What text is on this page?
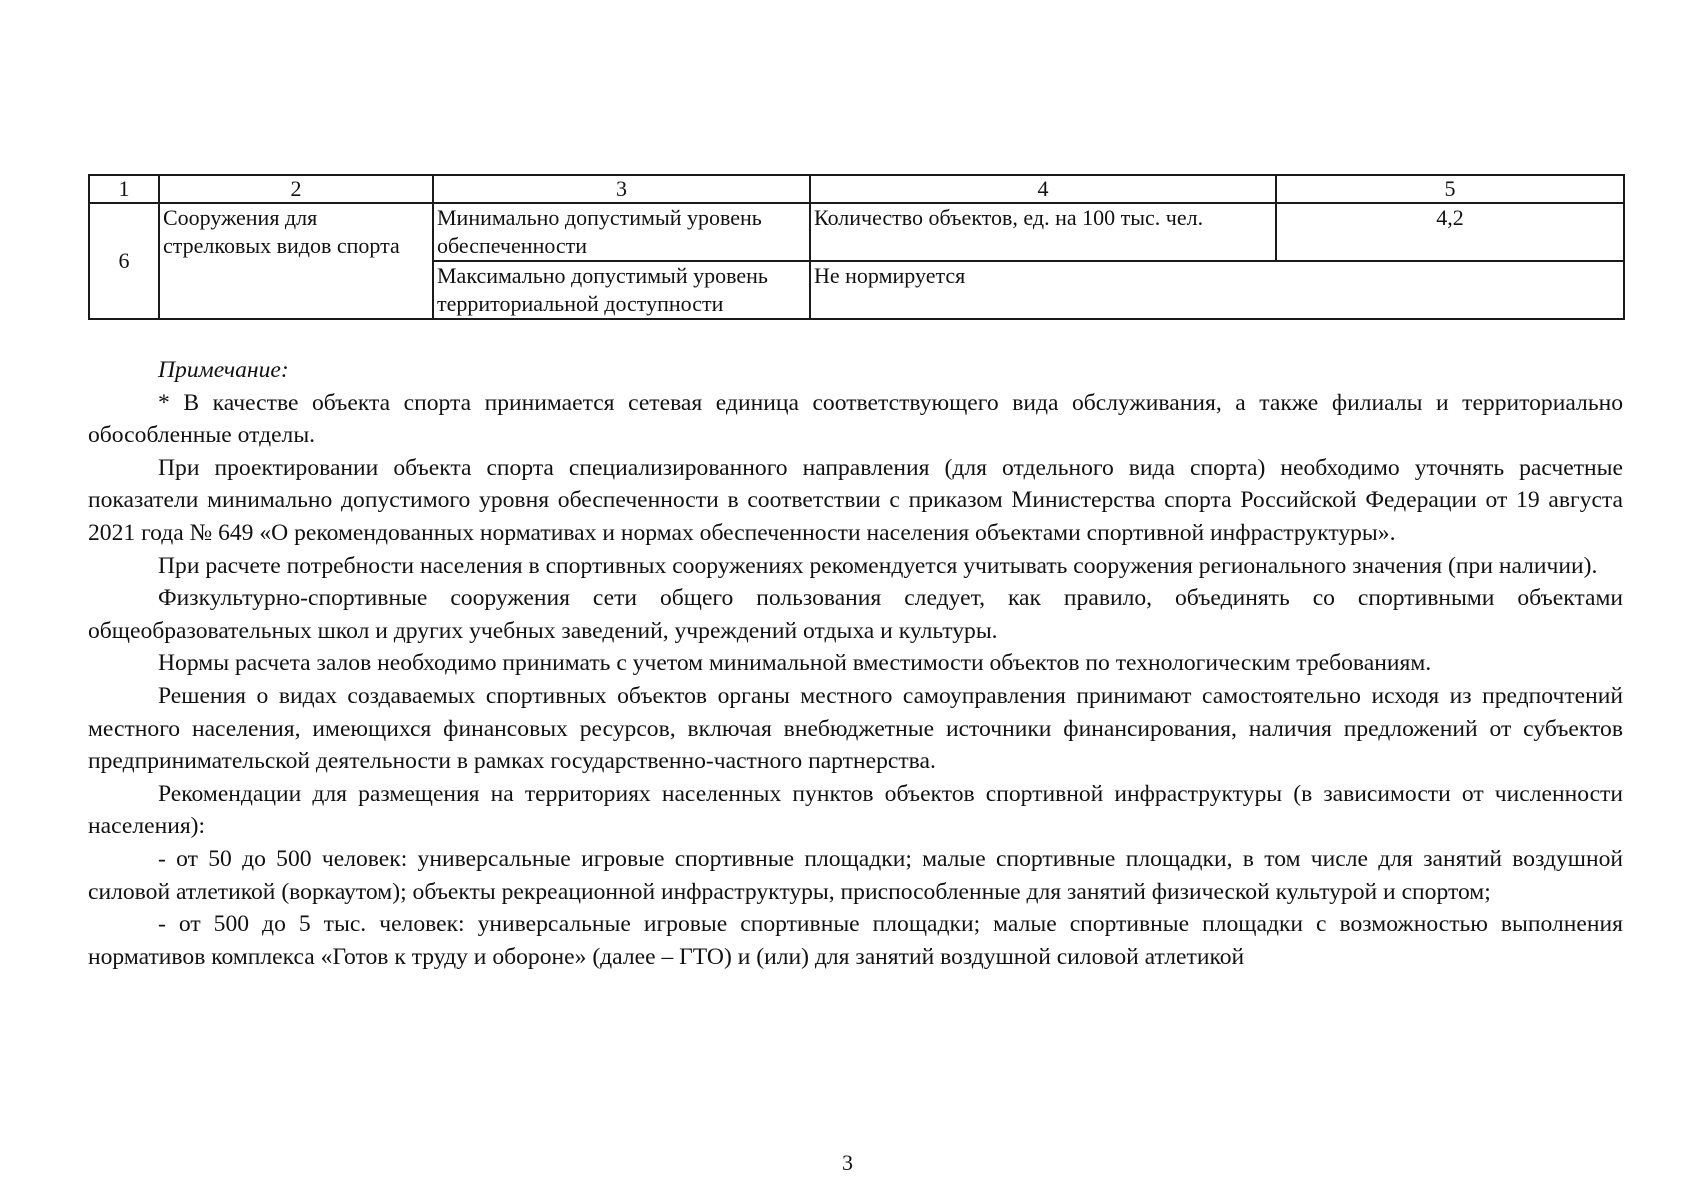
1	2	3	4	5
6	Сооружения для стрелковых видов спорта	Минимально допустимый уровень обеспеченности	Количество объектов, ед. на 100 тыс. чел.	4,2
		Максимально допустимый уровень территориальной доступности	Не нормируется	

Примечание:

* В качестве объекта спорта принимается сетевая единица соответствующего вида обслуживания, а также филиалы и территориально обособленные отделы.

При проектировании объекта спорта специализированного направления (для отдельного вида спорта) необходимо уточнять расчетные показатели минимально допустимого уровня обеспеченности в соответствии с приказом Министерства спорта Российской Федерации от 19 августа 2021 года № 649 «О рекомендованных нормативах и нормах обеспеченности населения объектами спортивной инфраструктуры».

При расчете потребности населения в спортивных сооружениях рекомендуется учитывать сооружения регионального значения (при наличии).

Физкультурно-спортивные сооружения сети общего пользования следует, как правило, объединять со спортивными объектами общеобразовательных школ и других учебных заведений, учреждений отдыха и культуры.

Нормы расчета залов необходимо принимать с учетом минимальной вместимости объектов по технологическим требованиям.

Решения о видах создаваемых спортивных объектов органы местного самоуправления принимают самостоятельно исходя из предпочтений местного населения, имеющихся финансовых ресурсов, включая внебюджетные источники финансирования, наличия предложений от субъектов предпринимательской деятельности в рамках государственно-частного партнерства.

Рекомендации для размещения на территориях населенных пунктов объектов спортивной инфраструктуры (в зависимости от численности населения):

- от 50 до 500 человек: универсальные игровые спортивные площадки; малые спортивные площадки, в том числе для занятий воздушной силовой атлетикой (воркаутом); объекты рекреационной инфраструктуры, приспособленные для занятий физической культурой и спортом;

- от 500 до 5 тыс. человек: универсальные игровые спортивные площадки; малые спортивные площадки с возможностью выполнения нормативов комплекса «Готов к труду и обороне» (далее – ГТО) и (или) для занятий воздушной силовой атлетикой

3
